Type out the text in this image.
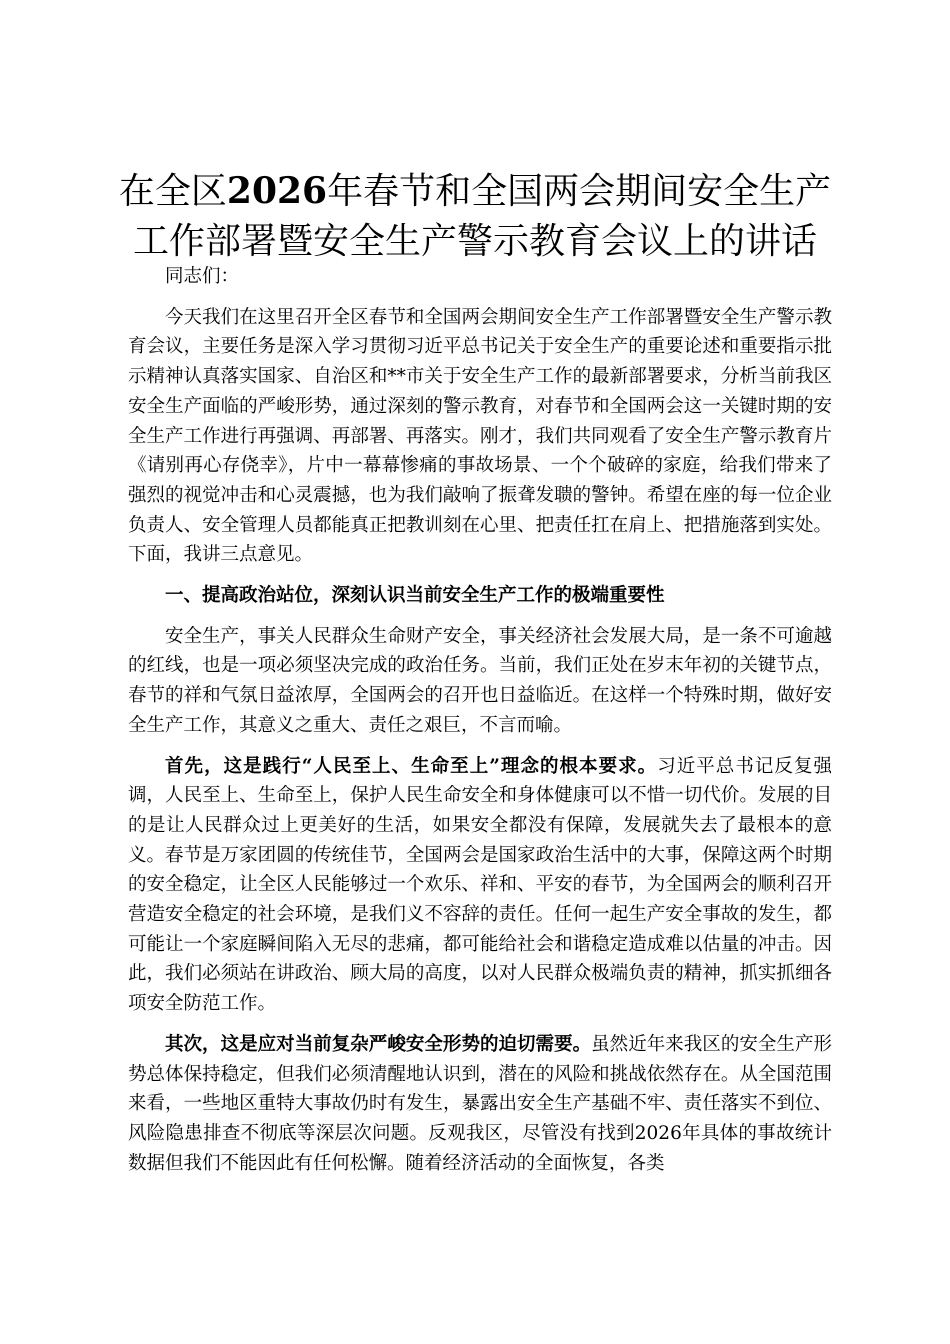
在全区2026年春节和全国两会期间安全生产
工作部署暨安全生产警示教育会议上的讲话

同志们：

今天我们在这里召开全区春节和全国两会期间安全生产工作部署暨安全生产警示教育会议，主要任务是深入学习贯彻习近平总书记关于安全生产的重要论述和重要指示批示精神认真落实国家、自治区和**市关于安全生产工作的最新部署要求，分析当前我区安全生产面临的严峻形势，通过深刻的警示教育，对春节和全国两会这一关键时期的安全生产工作进行再强调、再部署、再落实。刚才，我们共同观看了安全生产警示教育片《请别再心存侥幸》，片中一幕幕惨痛的事故场景、一个个破碎的家庭，给我们带来了强烈的视觉冲击和心灵震撼，也为我们敲响了振聋发聩的警钟。希望在座的每一位企业负责人、安全管理人员都能真正把教训刻在心里、把责任扛在肩上、把措施落到实处。下面，我讲三点意见。

一、提高政治站位，深刻认识当前安全生产工作的极端重要性

安全生产，事关人民群众生命财产安全，事关经济社会发展大局，是一条不可逾越的红线，也是一项必须坚决完成的政治任务。当前，我们正处在岁末年初的关键节点，春节的祥和气氛日益浓厚，全国两会的召开也日益临近。在这样一个特殊时期，做好安全生产工作，其意义之重大、责任之艰巨，不言而喻。

首先，这是践行“人民至上、生命至上”理念的根本要求。习近平总书记反复强调，人民至上、生命至上，保护人民生命安全和身体健康可以不惜一切代价。发展的目的是让人民群众过上更美好的生活，如果安全都没有保障，发展就失去了最根本的意义。春节是万家团圆的传统佳节，全国两会是国家政治生活中的大事，保障这两个时期的安全稳定，让全区人民能够过一个欢乐、祥和、平安的春节，为全国两会的顺利召开营造安全稳定的社会环境，是我们义不容辞的责任。任何一起生产安全事故的发生，都可能让一个家庭瞬间陷入无尽的悲痛，都可能给社会和谐稳定造成难以估量的冲击。因此，我们必须站在讲政治、顾大局的高度，以对人民群众极端负责的精神，抓实抓细各项安全防范工作。

其次，这是应对当前复杂严峻安全形势的迫切需要。虽然近年来我区的安全生产形势总体保持稳定，但我们必须清醒地认识到，潜在的风险和挑战依然存在。从全国范围来看，一些地区重特大事故仍时有发生，暴露出安全生产基础不牢、责任落实不到位、风险隐患排查不彻底等深层次问题。反观我区，尽管没有找到2026年具体的事故统计数据但我们不能因此有任何松懈。随着经济活动的全面恢复，各类
